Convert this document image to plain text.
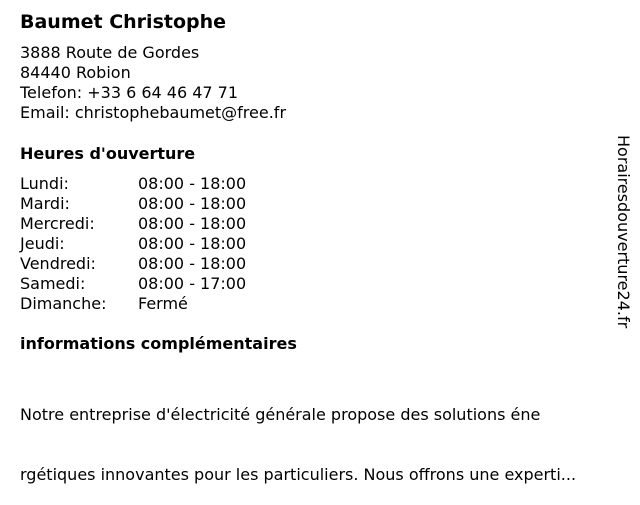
Baumet Christophe
3888 Route de Gordes
84440 Robion
Telefon: +33 6 64 46 47 71
Email: christophebaumet@free.fr
Heures d'ouverture
Lundi:	08:00 - 18:00
Mardi:	08:00 - 18:00
Mercredi:	08:00 - 18:00
Jeudi:	08:00 - 18:00
Vendredi:	08:00 - 18:00
Samedi:	08:00 - 17:00
Dimanche: Fermé
informations complémentaires

Notre entreprise d'électricité générale propose des solutions éne

rgétiques innovantes pour les particuliers. Nous offrons une experti...

Horairesdouverture24.fr
